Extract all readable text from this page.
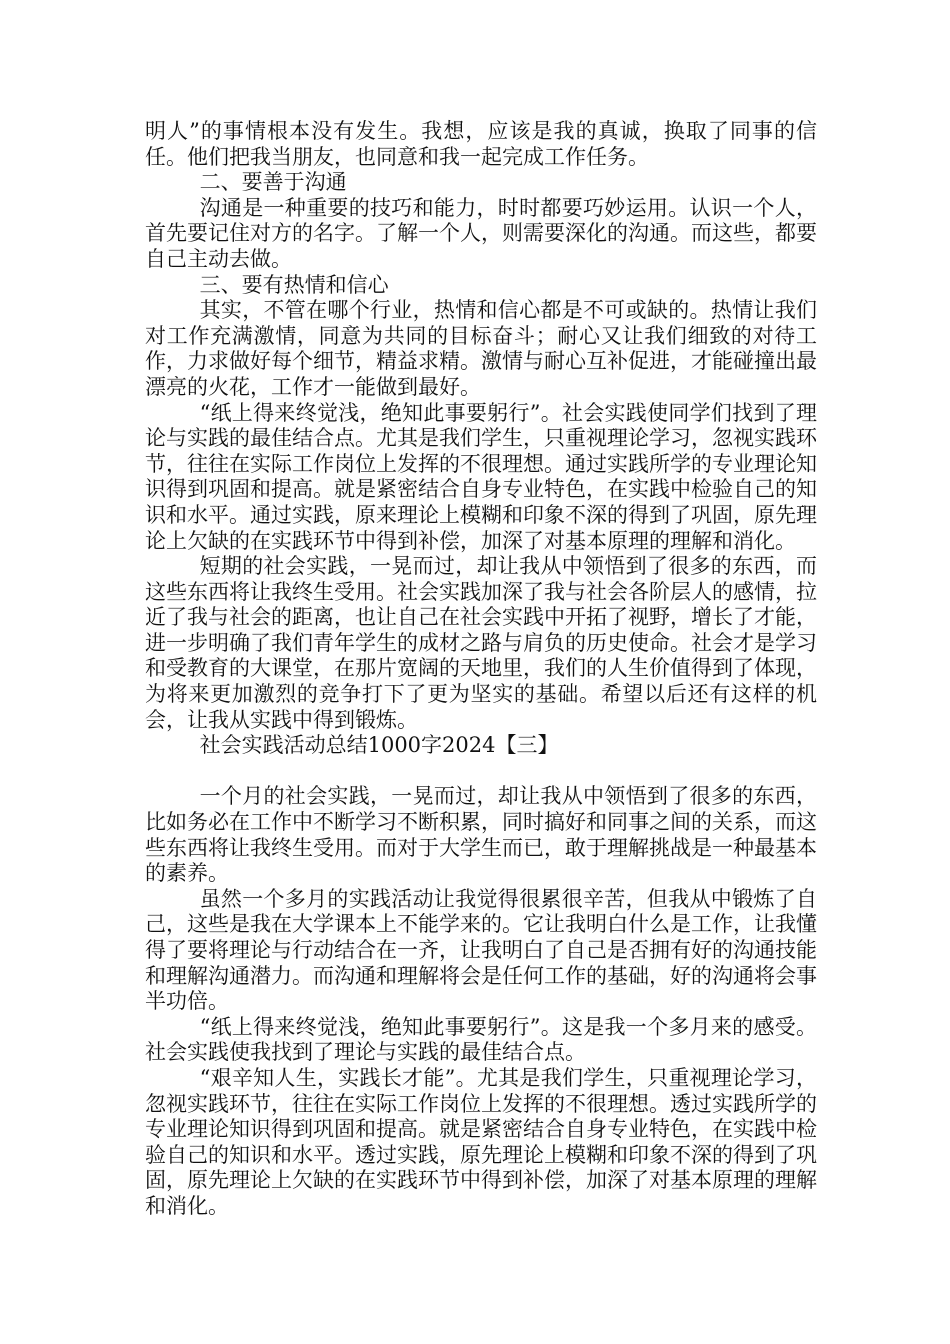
明人”的事情根本没有发生。我想，应该是我的真诚，换取了同事的信任。他们把我当朋友，也同意和我一起完成工作任务。

二、要善于沟通

沟通是一种重要的技巧和能力，时时都要巧妙运用。认识一个人，首先要记住对方的名字。了解一个人，则需要深化的沟通。而这些，都要自己主动去做。

三、要有热情和信心

其实，不管在哪个行业，热情和信心都是不可或缺的。热情让我们对工作充满激情，同意为共同的目标奋斗；耐心又让我们细致的对待工作，力求做好每个细节，精益求精。激情与耐心互补促进，才能碰撞出最漂亮的火花，工作才一能做到最好。

“纸上得来终觉浅，绝知此事要躬行”。社会实践使同学们找到了理论与实践的最佳结合点。尤其是我们学生，只重视理论学习，忽视实践环节，往往在实际工作岗位上发挥的不很理想。通过实践所学的专业理论知识得到巩固和提高。就是紧密结合自身专业特色，在实践中检验自己的知识和水平。通过实践，原来理论上模糊和印象不深的得到了巩固，原先理论上欠缺的在实践环节中得到补偿，加深了对基本原理的理解和消化。

短期的社会实践，一晃而过，却让我从中领悟到了很多的东西，而这些东西将让我终生受用。社会实践加深了我与社会各阶层人的感情，拉近了我与社会的距离，也让自己在社会实践中开拓了视野，增长了才能，进一步明确了我们青年学生的成材之路与肩负的历史使命。社会才是学习和受教育的大课堂，在那片宽阔的天地里，我们的人生价值得到了体现，为将来更加激烈的竞争打下了更为坚实的基础。希望以后还有这样的机会，让我从实践中得到锻炼。

社会实践活动总结1000字2024【三】

一个月的社会实践，一晃而过，却让我从中领悟到了很多的东西，比如务必在工作中不断学习不断积累，同时搞好和同事之间的关系，而这些东西将让我终生受用。而对于大学生而已，敢于理解挑战是一种最基本的素养。

虽然一个多月的实践活动让我觉得很累很辛苦，但我从中锻炼了自己，这些是我在大学课本上不能学来的。它让我明白什么是工作，让我懂得了要将理论与行动结合在一齐，让我明白了自己是否拥有好的沟通技能和理解沟通潜力。而沟通和理解将会是任何工作的基础，好的沟通将会事半功倍。

“纸上得来终觉浅，绝知此事要躬行”。这是我一个多月来的感受。社会实践使我找到了理论与实践的最佳结合点。

“艰辛知人生，实践长才能”。尤其是我们学生，只重视理论学习，忽视实践环节，往往在实际工作岗位上发挥的不很理想。透过实践所学的专业理论知识得到巩固和提高。就是紧密结合自身专业特色，在实践中检验自己的知识和水平。透过实践，原先理论上模糊和印象不深的得到了巩固，原先理论上欠缺的在实践环节中得到补偿，加深了对基本原理的理解和消化。
